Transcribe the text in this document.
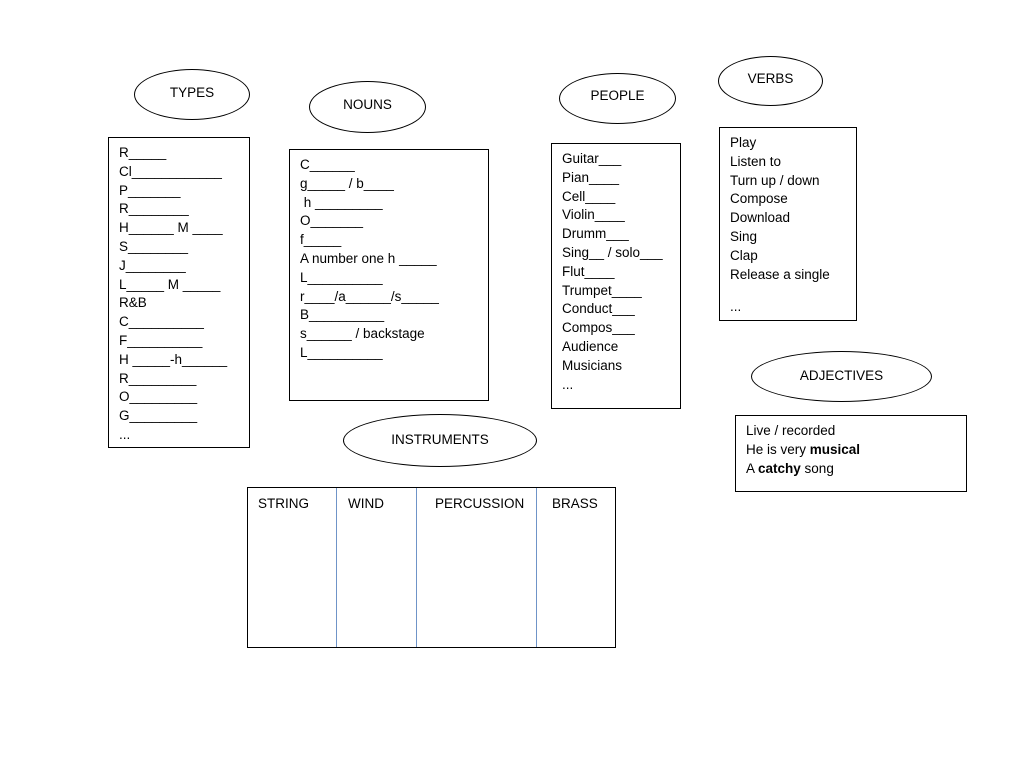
TYPES
NOUNS
PEOPLE
VERBS
ADJECTIVES
INSTRUMENTS
R_____
Cl____________
P_______
R________
H______ M ____
S________
J________
L_____ M _____
R&B
C__________
F__________
H _____-h______
R_________
O_________
G_________
...
C______
g_____ / b____
h _________
O_______
f_____
A number one h _____
L__________
r____/a______/s_____
B__________
s______ / backstage
L__________
Guitar___
Pian____
Cell____
Violin____
Drumm___
Sing__ / solo___
Flut____
Trumpet____
Conduct___
Compos___
Audience
Musicians
...
Play
Listen to
Turn up / down
Compose
Download
Sing
Clap
Release a single
...
Live / recorded
He is very musical
A catchy song
STRING	WIND	PERCUSSION	BRASS
